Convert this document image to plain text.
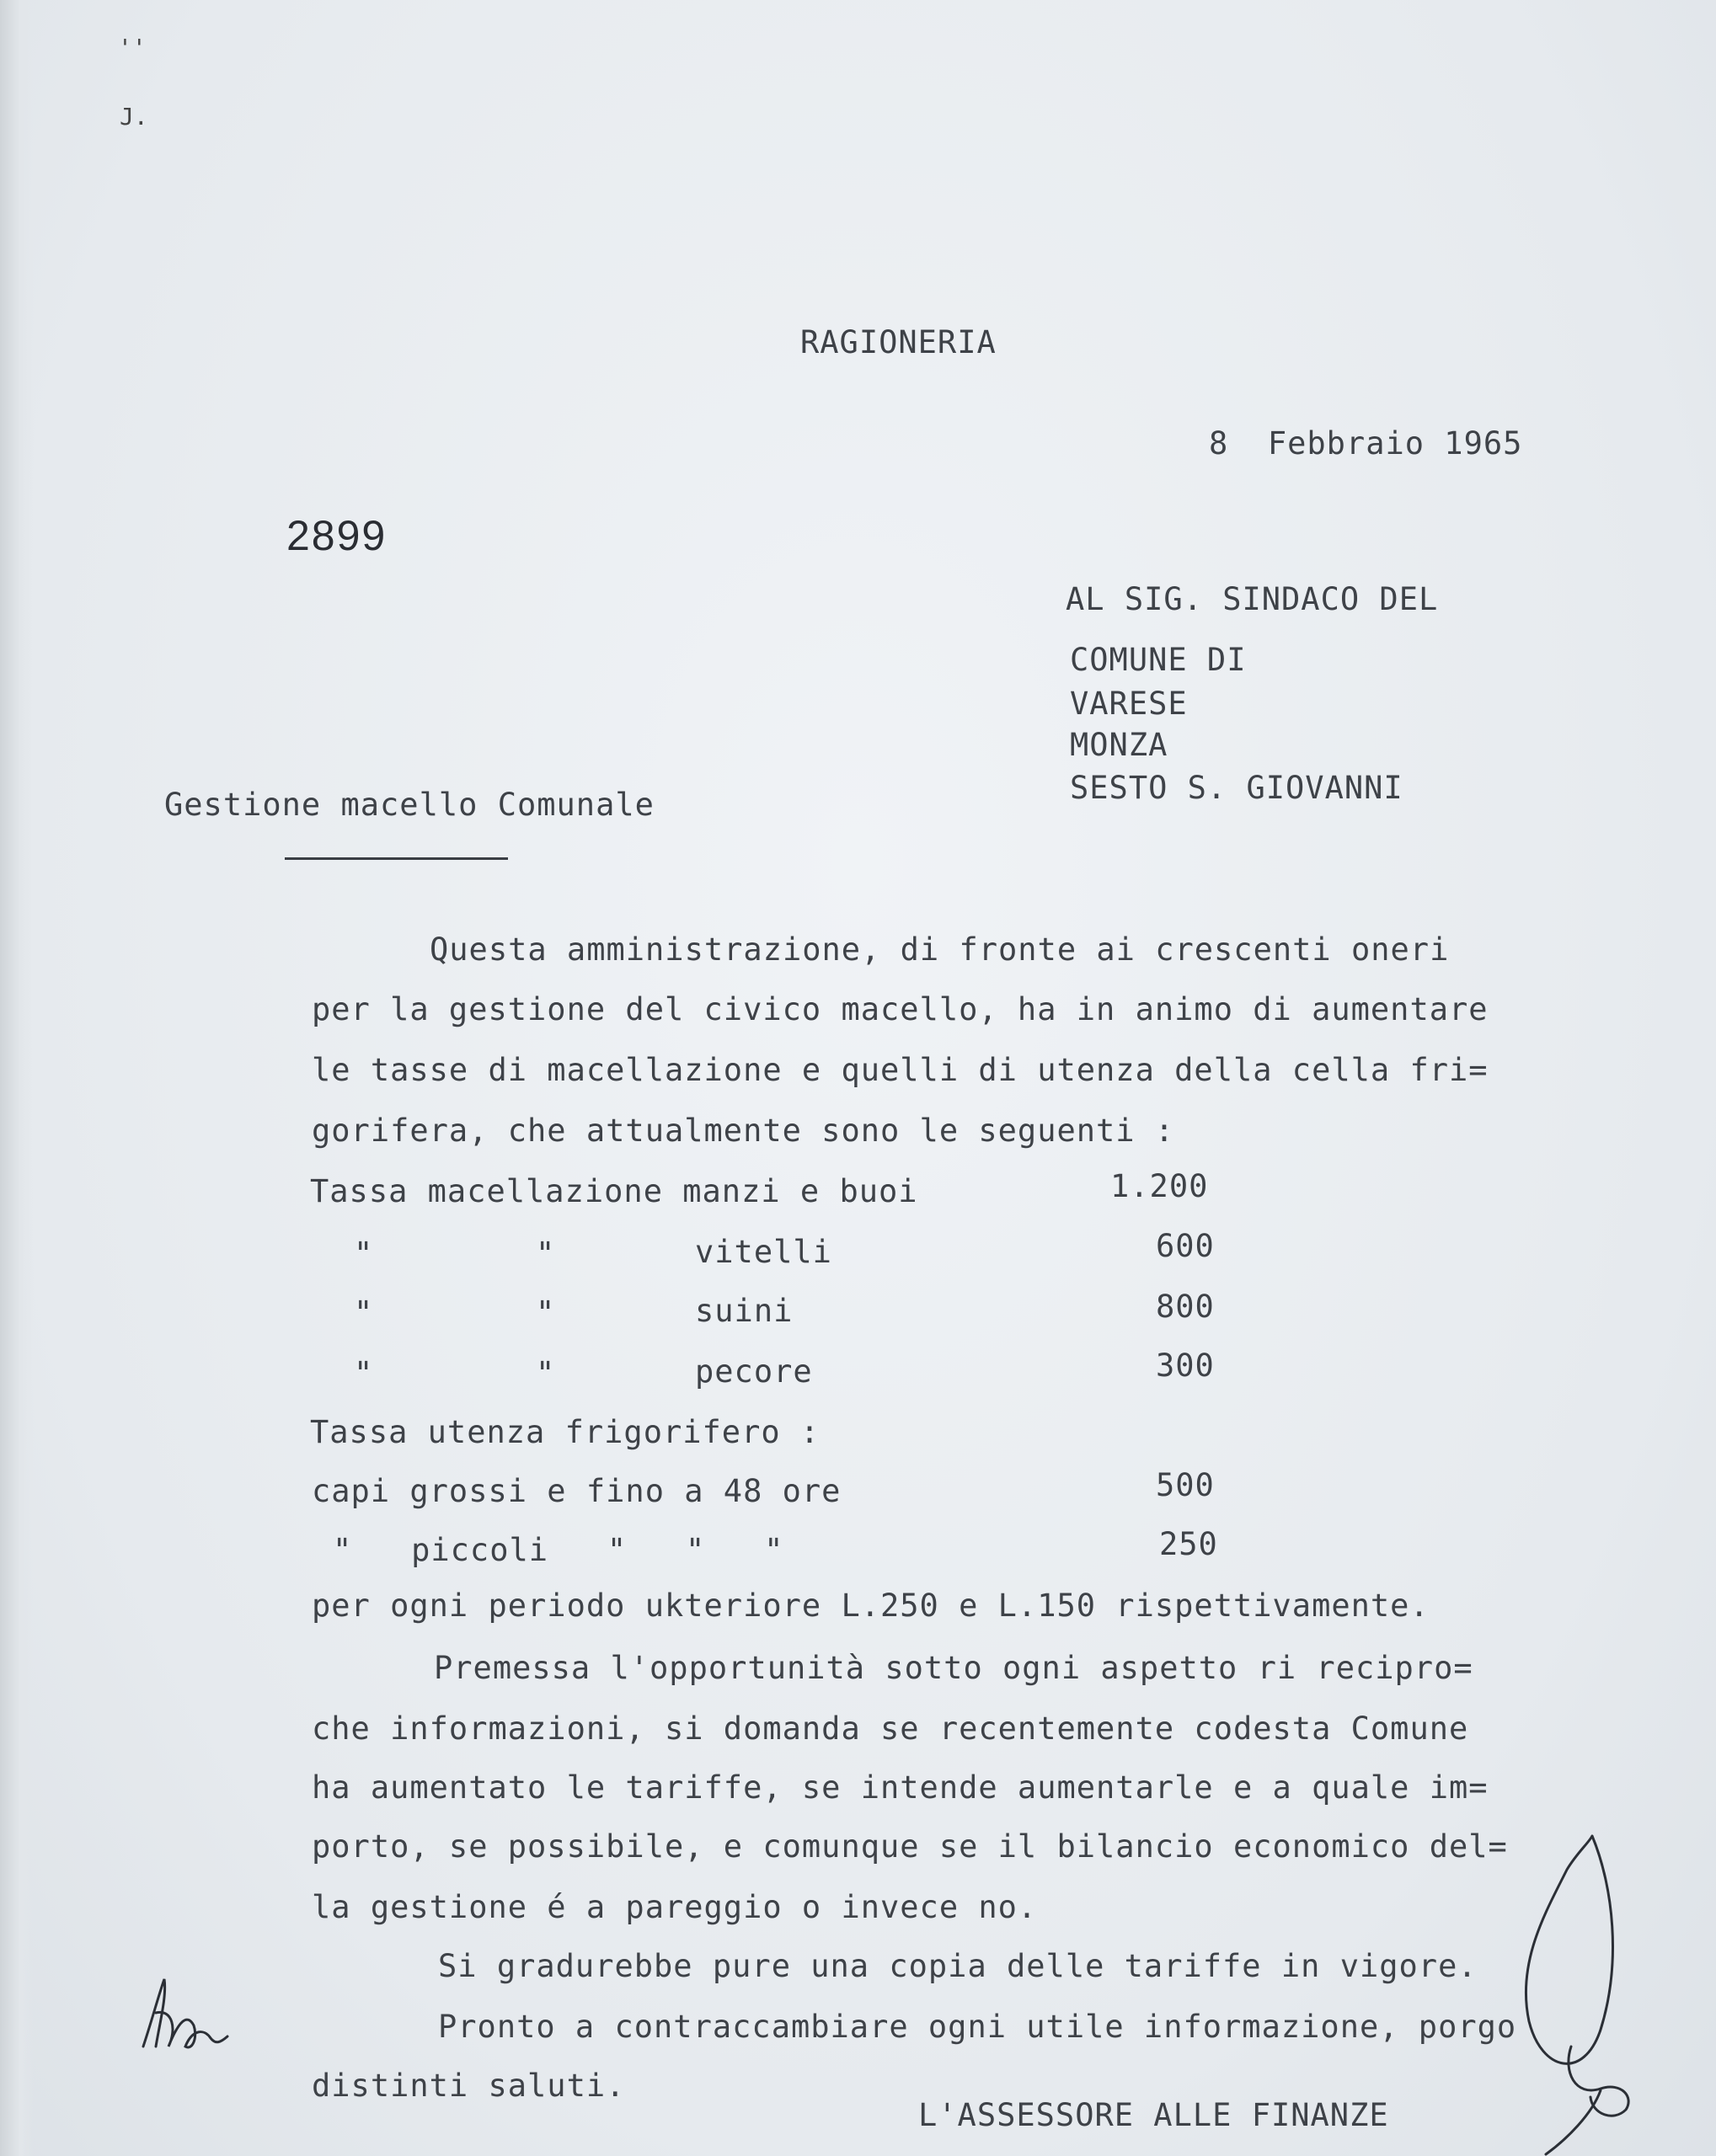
''
J.
RAGIONERIA
8  Febbraio 1965
2899
AL SIG. SINDACO DEL
COMUNE DI
VARESE
MONZA
SESTO S. GIOVANNI
Gestione macello Comunale
Questa amministrazione, di fronte ai crescenti oneri
per la gestione del civico macello, ha in animo di aumentare
le tasse di macellazione e quelli di utenza della cella fri=
gorifera, che attualmente sono le seguenti :
Tassa macellazione manzi e buoi	1.200
"	"	vitelli	600
"	"	suini	800
"	"	pecore	300
Tassa utenza frigorifero :
capi grossi e fino a 48 ore	500
"   piccoli   "   "   "	250
per ogni periodo ukteriore L.250 e L.150 rispettivamente.
Premessa l'opportunità sotto ogni aspetto ri recipro=
che informazioni, si domanda se recentemente codesta Comune
ha aumentato le tariffe, se intende aumentarle e a quale im=
porto, se possibile, e comunque se il bilancio economico del=
la gestione é a pareggio o invece no.
Si gradurebbe pure una copia delle tariffe in vigore.
Pronto a contraccambiare ogni utile informazione, porgo
distinti saluti.
L'ASSESSORE ALLE FINANZE
